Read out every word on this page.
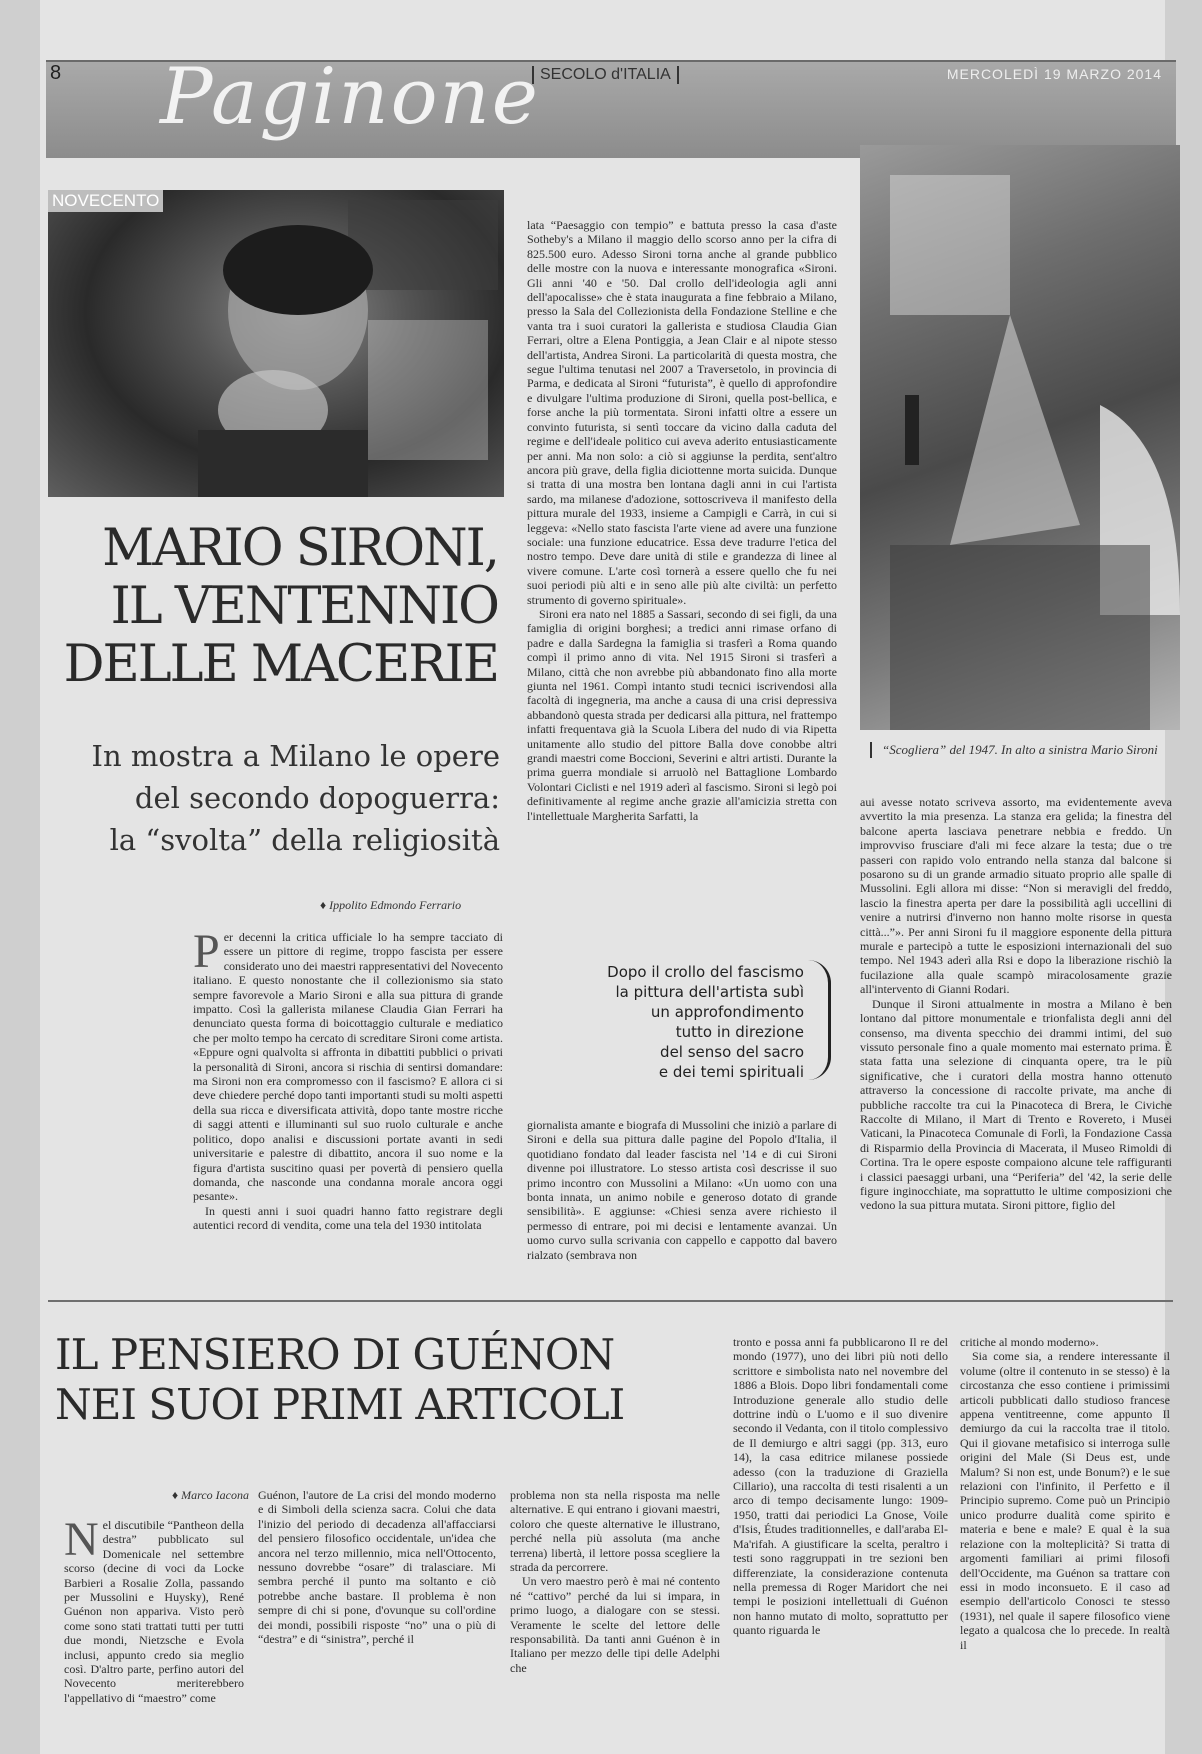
8 Paginone SECOLO d'ITALIA	MERCOLEDÌ 19 MARZO 2014
NOVECENTO
“Scogliera” del 1947. In alto a sinistra Mario Sironi
MARIO SIRONI,
IL VENTENNIO
DELLE MACERIE
In mostra a Milano le opere
del secondo dopoguerra:
la “svolta” della religiosità
♦ Ippolito Edmondo Ferrario

Per decenni la critica ufficiale lo ha sempre tacciato di essere un pittore di regime, troppo fascista per essere considerato uno dei maestri rappresentativi del Novecento italiano. E questo nonostante che il collezionismo sia stato sempre favorevole a Mario Sironi e alla sua pittura di grande impatto. Così la gallerista milanese Claudia Gian Ferrari ha denunciato questa forma di boicottaggio culturale e mediatico che per molto tempo ha cercato di screditare Sironi come artista. «Eppure ogni qualvolta si affronta in dibattiti pubblici o privati la personalità di Sironi, ancora si rischia di sentirsi domandare: ma Sironi non era compromesso con il fascismo? E allora ci si deve chiedere perché dopo tanti importanti studi su molti aspetti della sua ricca e diversificata attività, dopo tante mostre ricche di saggi attenti e illuminanti sul suo ruolo culturale e anche politico, dopo analisi e discussioni portate avanti in sedi universitarie e palestre di dibattito, ancora il suo nome e la figura d'artista suscitino quasi per povertà di pensiero quella domanda, che nasconde una condanna morale ancora oggi pesante».

In questi anni i suoi quadri hanno fatto registrare degli autentici record di vendita, come una tela del 1930 intitolata

lata “Paesaggio con tempio” e battuta presso la casa d'aste Sotheby's a Milano il maggio dello scorso anno per la cifra di 825.500 euro. Adesso Sironi torna anche al grande pubblico delle mostre con la nuova e interessante monografica «Sironi. Gli anni '40 e '50. Dal crollo dell'ideologia agli anni dell'apocalisse» che è stata inaugurata a fine febbraio a Milano, presso la Sala del Collezionista della Fondazione Stelline e che vanta tra i suoi curatori la gallerista e studiosa Claudia Gian Ferrari, oltre a Elena Pontiggia, a Jean Clair e al nipote stesso dell'artista, Andrea Sironi. La particolarità di questa mostra, che segue l'ultima tenutasi nel 2007 a Traversetolo, in provincia di Parma, e dedicata al Sironi “futurista”, è quello di approfondire e divulgare l'ultima produzione di Sironi, quella post-bellica, e forse anche la più tormentata. Sironi infatti oltre a essere un convinto futurista, si sentì toccare da vicino dalla caduta del regime e dell'ideale politico cui aveva aderito entusiasticamente per anni. Ma non solo: a ciò si aggiunse la perdita, sent'altro ancora più grave, della figlia diciottenne morta suicida. Dunque si tratta di una mostra ben lontana dagli anni in cui l'artista sardo, ma milanese d'adozione, sottoscriveva il manifesto della pittura murale del 1933, insieme a Campigli e Carrà, in cui si leggeva: «Nello stato fascista l'arte viene ad avere una funzione sociale: una funzione educatrice. Essa deve tradurre l'etica del nostro tempo. Deve dare unità di stile e grandezza di linee al vivere comune. L'arte così tornerà a essere quello che fu nei suoi periodi più alti e in seno alle più alte civiltà: un perfetto strumento di governo spirituale».

Sironi era nato nel 1885 a Sassari, secondo di sei figli, da una famiglia di origini borghesi; a tredici anni rimase orfano di padre e dalla Sardegna la famiglia si trasferì a Roma quando compì il primo anno di vita. Nel 1915 Sironi si trasferì a Milano, città che non avrebbe più abbandonato fino alla morte giunta nel 1961. Compì intanto studi tecnici iscrivendosi alla facoltà di ingegneria, ma anche a causa di una crisi depressiva abbandonò questa strada per dedicarsi alla pittura, nel frattempo infatti frequentava già la Scuola Libera del nudo di via Ripetta unitamente allo studio del pittore Balla dove conobbe altri grandi maestri come Boccioni, Severini e altri artisti. Durante la prima guerra mondiale si arruolò nel Battaglione Lombardo Volontari Ciclisti e nel 1919 aderì al fascismo. Sironi si legò poi definitivamente al regime anche grazie all'amicizia stretta con l'intellettuale Margherita Sarfatti, la

Dopo il crollo del fascismo
la pittura dell'artista subì
un approfondimento
tutto in direzione
del senso del sacro
e dei temi spirituali

giornalista amante e biografa di Mussolini che iniziò a parlare di Sironi e della sua pittura dalle pagine del Popolo d'Italia, il quotidiano fondato dal leader fascista nel '14 e di cui Sironi divenne poi illustratore. Lo stesso artista così descrisse il suo primo incontro con Mussolini a Milano: «Un uomo con una bonta innata, un animo nobile e generoso dotato di grande sensibilità». E aggiunse: «Chiesi senza avere richiesto il permesso di entrare, poi mi decisi e lentamente avanzai. Un uomo curvo sulla scrivania con cappello e cappotto dal bavero rialzato (sembrava non

aui avesse notato scriveva assorto, ma evidentemente aveva avvertito la mia presenza. La stanza era gelida; la finestra del balcone aperta lasciava penetrare nebbia e freddo. Un improvviso frusciare d'ali mi fece alzare la testa; due o tre passeri con rapido volo entrando nella stanza dal balcone si posarono su di un grande armadio situato proprio alle spalle di Mussolini. Egli allora mi disse: “Non si meravigli del freddo, lascio la finestra aperta per dare la possibilità agli uccellini di venire a nutrirsi d'inverno non hanno molte risorse in questa città...”». Per anni Sironi fu il maggiore esponente della pittura murale e partecipò a tutte le esposizioni internazionali del suo tempo. Nel 1943 aderì alla Rsi e dopo la liberazione rischiò la fucilazione alla quale scampò miracolosamente grazie all'intervento di Gianni Rodari.

Dunque il Sironi attualmente in mostra a Milano è ben lontano dal pittore monumentale e trionfalista degli anni del consenso, ma diventa specchio dei drammi intimi, del suo vissuto personale fino a quale momento mai esternato prima. È stata fatta una selezione di cinquanta opere, tra le più significative, che i curatori della mostra hanno ottenuto attraverso la concessione di raccolte private, ma anche di pubbliche raccolte tra cui la Pinacoteca di Brera, le Civiche Raccolte di Milano, il Mart di Trento e Rovereto, i Musei Vaticani, la Pinacoteca Comunale di Forlì, la Fondazione Cassa di Risparmio della Provincia di Macerata, il Museo Rimoldi di Cortina. Tra le opere esposte compaiono alcune tele raffiguranti i classici paesaggi urbani, una “Periferia” del '42, la serie delle figure inginocchiate, ma soprattutto le ultime composizioni che vedono la sua pittura mutata. Sironi pittore, figlio del

IL PENSIERO DI GUÉNON
NEI SUOI PRIMI ARTICOLI
♦ Marco Iacona

Nel discutibile “Pantheon della destra” pubblicato sul Domenicale nel settembre scorso (decine di voci da Locke Barbieri a Rosalie Zolla, passando per Mussolini e Huysky), René Guénon non appariva. Visto però come sono stati trattati tutti per tutti due mondi, Nietzsche e Evola inclusi, appunto credo sia meglio così. D'altro parte, perfino autori del Novecento meriterebbero l'appellativo di “maestro” come

Guénon, l'autore de La crisi del mondo moderno e di Simboli della scienza sacra. Colui che data l'inizio del periodo di decadenza all'affacciarsi del pensiero filosofico occidentale, un'idea che ancora nel terzo millennio, mica nell'Ottocento, nessuno dovrebbe “osare” di tralasciare. Mi sembra perché il punto ma soltanto e ciò potrebbe anche bastare. Il problema è non sempre di chi si pone, d'ovunque su coll'ordine dei mondi, possibili risposte “no” una o più di “destra” e di “sinistra”, perché il

problema non sta nella risposta ma nelle alternative. E qui entrano i giovani maestri, coloro che queste alternative le illustrano, perché nella più assoluta (ma anche terrena) libertà, il lettore possa scegliere la strada da percorrere.

Un vero maestro però è mai né contento né “cattivo” perché da lui si impara, in primo luogo, a dialogare con se stessi. Veramente le scelte del lettore delle responsabilità. Da tanti anni Guénon è in Italiano per mezzo delle tipi delle Adelphi che

tronto e possa anni fa pubblicarono Il re del mondo (1977), uno dei libri più noti dello scrittore e simbolista nato nel novembre del 1886 a Blois. Dopo libri fondamentali come Introduzione generale allo studio delle dottrine indù o L'uomo e il suo divenire secondo il Vedanta, con il titolo complessivo de Il demiurgo e altri saggi (pp. 313, euro 14), la casa editrice milanese possiede adesso (con la traduzione di Graziella Cillario), una raccolta di testi risalenti a un arco di tempo decisamente lungo: 1909-1950, tratti dai periodici La Gnose, Voile d'Isis, Études traditionnelles, e dall'araba El-Ma'rifah. A giustificare la scelta, peraltro i testi sono raggruppati in tre sezioni ben differenziate, la considerazione contenuta nella premessa di Roger Maridort che nei tempi le posizioni intellettuali di Guénon non hanno mutato di molto, soprattutto per quanto riguarda le

critiche al mondo moderno».

Sia come sia, a rendere interessante il volume (oltre il contenuto in se stesso) è la circostanza che esso contiene i primissimi articoli pubblicati dallo studioso francese appena ventitreenne, come appunto Il demiurgo da cui la raccolta trae il titolo. Qui il giovane metafisico si interroga sulle origini del Male (Si Deus est, unde Malum? Si non est, unde Bonum?) e le sue relazioni con l'infinito, il Perfetto e il Principio supremo. Come può un Principio unico produrre dualità come spirito e materia e bene e male? E qual è la sua relazione con la molteplicità? Si tratta di argomenti familiari ai primi filosofi dell'Occidente, ma Guénon sa trattare con essi in modo inconsueto. E il caso ad esempio dell'articolo Conosci te stesso (1931), nel quale il sapere filosofico viene legato a qualcosa che lo precede. In realtà il
